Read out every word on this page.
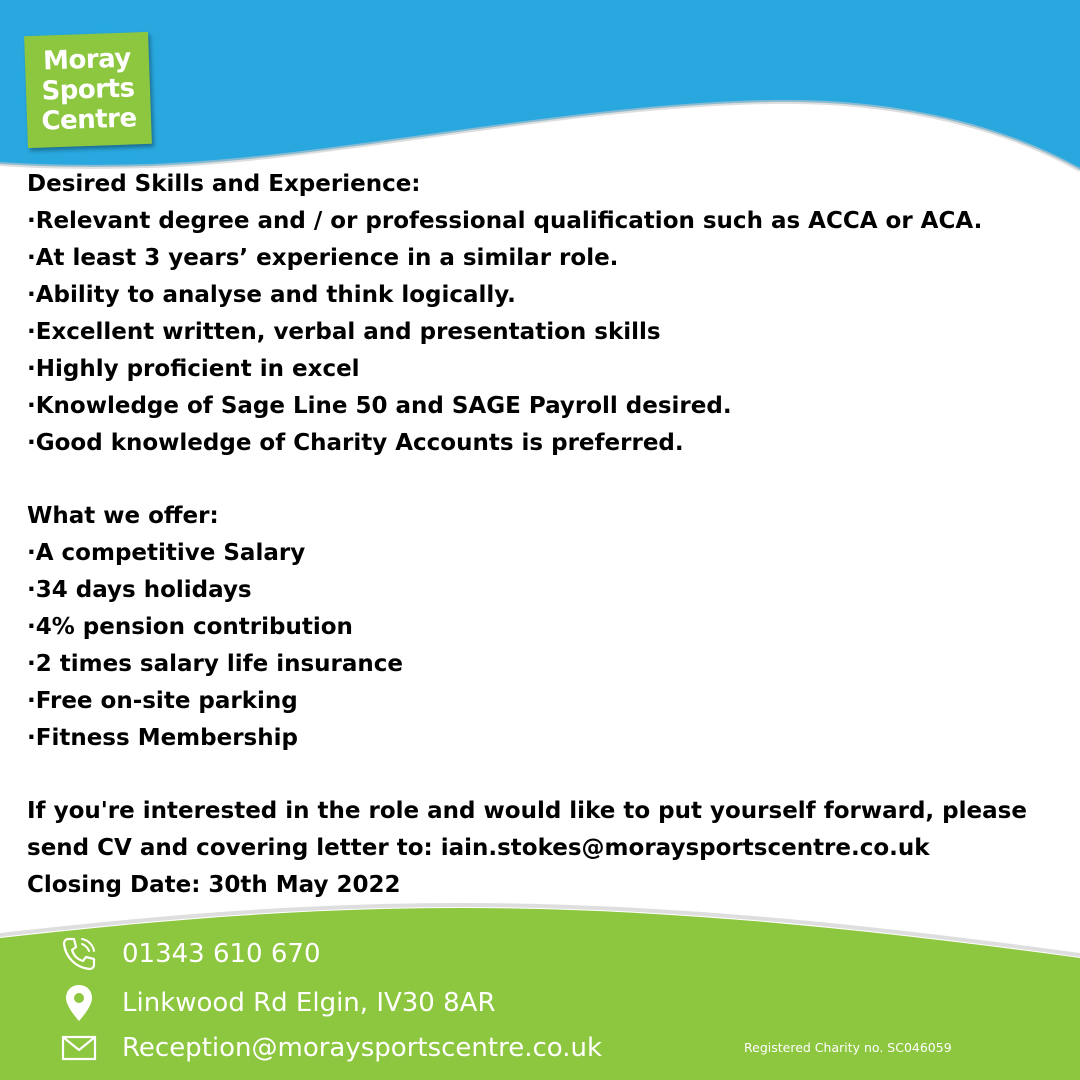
Moray
Sports
Centre

Desired Skills and Experience:

·Relevant degree and / or professional qualification such as ACCA or ACA.

·At least 3 years’ experience in a similar role.

·Ability to analyse and think logically.

·Excellent written, verbal and presentation skills

·Highly proficient in excel

·Knowledge of Sage Line 50 and SAGE Payroll desired.

·Good knowledge of Charity Accounts is preferred.

What we offer:

·A competitive Salary

·34 days holidays

·4% pension contribution

·2 times salary life insurance

·Free on-site parking

·Fitness Membership

If you're interested in the role and would like to put yourself forward, please

send CV and covering letter to: iain.stokes@moraysportscentre.co.uk

Closing Date: 30th May 2022

01343 610 670
Linkwood Rd Elgin, IV30 8AR
Reception@moraysportscentre.co.uk	Registered Charity no. SC046059
